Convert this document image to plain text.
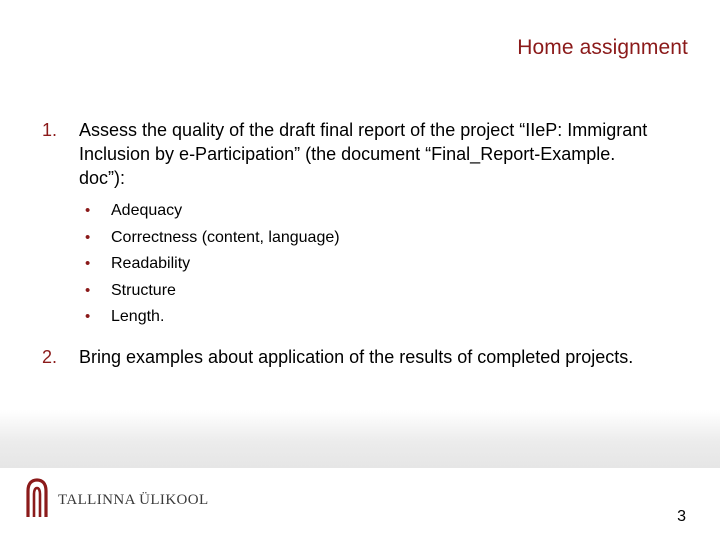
Home assignment
1. Assess the quality of the draft final report of the project “IIeP: Immigrant Inclusion by e-Participation” (the document “Final_Report-Example. doc”):
• Adequacy
• Correctness (content, language)
• Readability
• Structure
• Length.
2. Bring examples about application of the results of completed projects.
TALLINNA ÜLIKOOL
3
